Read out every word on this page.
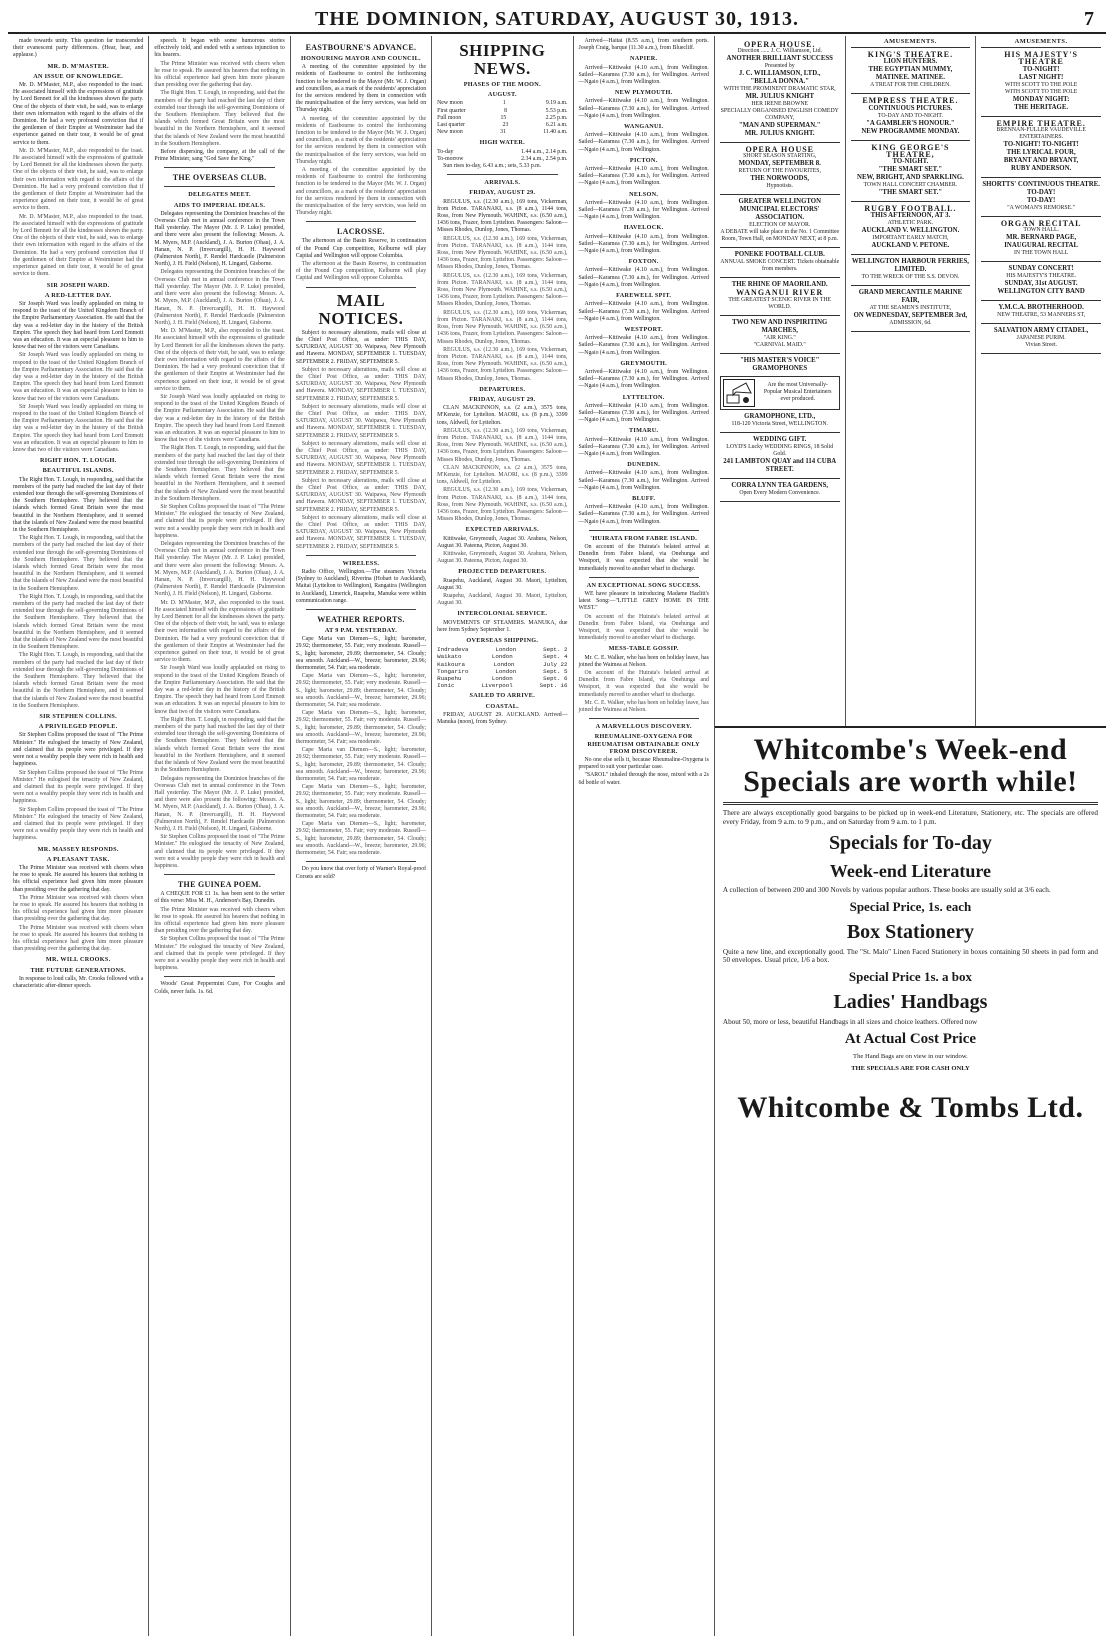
THE DOMINION, SATURDAY, AUGUST 30, 1913.	7

made towards unity. This question far transcended their evanescent party differences. (Hear, hear, and applause.)

MR. D. M'MASTER.
AN ISSUE OF KNOWLEDGE.

Mr. D. M'Master, M.P., also responded to the toast. He associated himself with the expressions of gratitude by Lord Bennett for all the kindnesses shown the party. One of the objects of their visit, he said, was to enlarge their own information with regard to the affairs of the Dominion. He had a very profound conviction that if the gentlemen of their Empire at Westminster had the experience gained on their tour, it would be of great service to them.

Mr. D. M'Master, M.P., also responded to the toast. He associated himself with the expressions of gratitude by Lord Bennett for all the kindnesses shown the party. One of the objects of their visit, he said, was to enlarge their own information with regard to the affairs of the Dominion. He had a very profound conviction that if the gentlemen of their Empire at Westminster had the experience gained on their tour, it would be of great service to them.

Mr. D. M'Master, M.P., also responded to the toast. He associated himself with the expressions of gratitude by Lord Bennett for all the kindnesses shown the party. One of the objects of their visit, he said, was to enlarge their own information with regard to the affairs of the Dominion. He had a very profound conviction that if the gentlemen of their Empire at Westminster had the experience gained on their tour, it would be of great service to them.

SIR JOSEPH WARD.
A RED-LETTER DAY.

Sir Joseph Ward was loudly applauded on rising to respond to the toast of the United Kingdom Branch of the Empire Parliamentary Association. He said that the day was a red-letter day in the history of the British Empire. The speech they had heard from Lord Emmott was an education. It was an especial pleasure to him to know that two of the visitors were Canadians.

Sir Joseph Ward was loudly applauded on rising to respond to the toast of the United Kingdom Branch of the Empire Parliamentary Association. He said that the day was a red-letter day in the history of the British Empire. The speech they had heard from Lord Emmott was an education. It was an especial pleasure to him to know that two of the visitors were Canadians.

Sir Joseph Ward was loudly applauded on rising to respond to the toast of the United Kingdom Branch of the Empire Parliamentary Association. He said that the day was a red-letter day in the history of the British Empire. The speech they had heard from Lord Emmott was an education. It was an especial pleasure to him to know that two of the visitors were Canadians.

RIGHT HON. T. LOUGH.
BEAUTIFUL ISLANDS.

The Right Hon. T. Lough, in responding, said that the members of the party had reached the last day of their extended tour through the self-governing Dominions of the Southern Hemisphere. They believed that the islands which formed Great Britain were the most beautiful in the Northern Hemisphere, and it seemed that the islands of New Zealand were the most beautiful in the Southern Hemisphere.

The Right Hon. T. Lough, in responding, said that the members of the party had reached the last day of their extended tour through the self-governing Dominions of the Southern Hemisphere. They believed that the islands which formed Great Britain were the most beautiful in the Northern Hemisphere, and it seemed that the islands of New Zealand were the most beautiful in the Southern Hemisphere.

The Right Hon. T. Lough, in responding, said that the members of the party had reached the last day of their extended tour through the self-governing Dominions of the Southern Hemisphere. They believed that the islands which formed Great Britain were the most beautiful in the Northern Hemisphere, and it seemed that the islands of New Zealand were the most beautiful in the Southern Hemisphere.

The Right Hon. T. Lough, in responding, said that the members of the party had reached the last day of their extended tour through the self-governing Dominions of the Southern Hemisphere. They believed that the islands which formed Great Britain were the most beautiful in the Northern Hemisphere, and it seemed that the islands of New Zealand were the most beautiful in the Southern Hemisphere.

SIR STEPHEN COLLINS.
A PRIVILEGED PEOPLE.

Sir Stephen Collins proposed the toast of "The Prime Minister." He eulogised the tenacity of New Zealand, and claimed that its people were privileged. If they were not a wealthy people they were rich in health and happiness.

Sir Stephen Collins proposed the toast of "The Prime Minister." He eulogised the tenacity of New Zealand, and claimed that its people were privileged. If they were not a wealthy people they were rich in health and happiness.

Sir Stephen Collins proposed the toast of "The Prime Minister." He eulogised the tenacity of New Zealand, and claimed that its people were privileged. If they were not a wealthy people they were rich in health and happiness.

MR. MASSEY RESPONDS.
A PLEASANT TASK.

The Prime Minister was received with cheers when he rose to speak. He assured his hearers that nothing in his official experience had given him more pleasure than presiding over the gathering that day.

The Prime Minister was received with cheers when he rose to speak. He assured his hearers that nothing in his official experience had given him more pleasure than presiding over the gathering that day.

The Prime Minister was received with cheers when he rose to speak. He assured his hearers that nothing in his official experience had given him more pleasure than presiding over the gathering that day.

MR. WILL CROOKS.
THE FUTURE GENERATIONS.

In response to loud calls, Mr. Crooks followed with a characteristic after-dinner speech.

speech. It began with some humorous stories effectively told, and ended with a serious injunction to his hearers.

The Prime Minister was received with cheers when he rose to speak. He assured his hearers that nothing in his official experience had given him more pleasure than presiding over the gathering that day.

The Right Hon. T. Lough, in responding, said that the members of the party had reached the last day of their extended tour through the self-governing Dominions of the Southern Hemisphere. They believed that the islands which formed Great Britain were the most beautiful in the Northern Hemisphere, and it seemed that the islands of New Zealand were the most beautiful in the Southern Hemisphere.

Before dispersing, the company, at the call of the Prime Minister, sang "God Save the King."

THE OVERSEAS CLUB.
DELEGATES MEET.
AIDS TO IMPERIAL IDEALS.

Delegates representing the Dominion branches of the Overseas Club met in annual conference in the Town Hall yesterday. The Mayor (Mr. J. P. Luke) presided, and there were also present the following: Messrs. A. M. Myers, M.P. (Auckland), J. A. Burton (Ohau), J. A. Hanan, N. P. (Invercargill), H. H. Haywood (Palmerston North), F. Rendel Hardcastle (Palmerston North), J. H. Field (Nelson), H. Lingard, Gisborne.

Delegates representing the Dominion branches of the Overseas Club met in annual conference in the Town Hall yesterday. The Mayor (Mr. J. P. Luke) presided, and there were also present the following: Messrs. A. M. Myers, M.P. (Auckland), J. A. Burton (Ohau), J. A. Hanan, N. P. (Invercargill), H. H. Haywood (Palmerston North), F. Rendel Hardcastle (Palmerston North), J. H. Field (Nelson), H. Lingard, Gisborne.

Mr. D. M'Master, M.P., also responded to the toast. He associated himself with the expressions of gratitude by Lord Bennett for all the kindnesses shown the party. One of the objects of their visit, he said, was to enlarge their own information with regard to the affairs of the Dominion. He had a very profound conviction that if the gentlemen of their Empire at Westminster had the experience gained on their tour, it would be of great service to them.

Sir Joseph Ward was loudly applauded on rising to respond to the toast of the United Kingdom Branch of the Empire Parliamentary Association. He said that the day was a red-letter day in the history of the British Empire. The speech they had heard from Lord Emmott was an education. It was an especial pleasure to him to know that two of the visitors were Canadians.

The Right Hon. T. Lough, in responding, said that the members of the party had reached the last day of their extended tour through the self-governing Dominions of the Southern Hemisphere. They believed that the islands which formed Great Britain were the most beautiful in the Northern Hemisphere, and it seemed that the islands of New Zealand were the most beautiful in the Southern Hemisphere.

Sir Stephen Collins proposed the toast of "The Prime Minister." He eulogised the tenacity of New Zealand, and claimed that its people were privileged. If they were not a wealthy people they were rich in health and happiness.

Delegates representing the Dominion branches of the Overseas Club met in annual conference in the Town Hall yesterday. The Mayor (Mr. J. P. Luke) presided, and there were also present the following: Messrs. A. M. Myers, M.P. (Auckland), J. A. Burton (Ohau), J. A. Hanan, N. P. (Invercargill), H. H. Haywood (Palmerston North), F. Rendel Hardcastle (Palmerston North), J. H. Field (Nelson), H. Lingard, Gisborne.

Mr. D. M'Master, M.P., also responded to the toast. He associated himself with the expressions of gratitude by Lord Bennett for all the kindnesses shown the party. One of the objects of their visit, he said, was to enlarge their own information with regard to the affairs of the Dominion. He had a very profound conviction that if the gentlemen of their Empire at Westminster had the experience gained on their tour, it would be of great service to them.

Sir Joseph Ward was loudly applauded on rising to respond to the toast of the United Kingdom Branch of the Empire Parliamentary Association. He said that the day was a red-letter day in the history of the British Empire. The speech they had heard from Lord Emmott was an education. It was an especial pleasure to him to know that two of the visitors were Canadians.

The Right Hon. T. Lough, in responding, said that the members of the party had reached the last day of their extended tour through the self-governing Dominions of the Southern Hemisphere. They believed that the islands which formed Great Britain were the most beautiful in the Northern Hemisphere, and it seemed that the islands of New Zealand were the most beautiful in the Southern Hemisphere.

Delegates representing the Dominion branches of the Overseas Club met in annual conference in the Town Hall yesterday. The Mayor (Mr. J. P. Luke) presided, and there were also present the following: Messrs. A. M. Myers, M.P. (Auckland), J. A. Burton (Ohau), J. A. Hanan, N. P. (Invercargill), H. H. Haywood (Palmerston North), F. Rendel Hardcastle (Palmerston North), J. H. Field (Nelson), H. Lingard, Gisborne.

Sir Stephen Collins proposed the toast of "The Prime Minister." He eulogised the tenacity of New Zealand, and claimed that its people were privileged. If they were not a wealthy people they were rich in health and happiness.

THE GUINEA POEM.

A CHEQUE FOR £1 1s. has been sent to the writer of this verse: Miss M. H., Anderson's Bay, Dunedin.

The Prime Minister was received with cheers when he rose to speak. He assured his hearers that nothing in his official experience had given him more pleasure than presiding over the gathering that day.

Sir Stephen Collins proposed the toast of "The Prime Minister." He eulogised the tenacity of New Zealand, and claimed that its people were privileged. If they were not a wealthy people they were rich in health and happiness.

Woods' Great Peppermint Cure, For Coughs and Colds, never fails. 1s. 6d.

EASTBOURNE'S ADVANCE.
HONOURING MAYOR AND COUNCIL.

A meeting of the committee appointed by the residents of Eastbourne to control the forthcoming function to be tendered to the Mayor (Mr. W. J. Organ) and councillors, as a mark of the residents' appreciation for the services rendered by them in connection with the municipalisation of the ferry services, was held on Thursday night.

A meeting of the committee appointed by the residents of Eastbourne to control the forthcoming function to be tendered to the Mayor (Mr. W. J. Organ) and councillors, as a mark of the residents' appreciation for the services rendered by them in connection with the municipalisation of the ferry services, was held on Thursday night.

A meeting of the committee appointed by the residents of Eastbourne to control the forthcoming function to be tendered to the Mayor (Mr. W. J. Organ) and councillors, as a mark of the residents' appreciation for the services rendered by them in connection with the municipalisation of the ferry services, was held on Thursday night.

LACROSSE.

The afternoon at the Basin Reserve, in continuation of the Pound Cup competition, Kelburne will play Capital and Wellington will oppose Columbia.

The afternoon at the Basin Reserve, in continuation of the Pound Cup competition, Kelburne will play Capital and Wellington will oppose Columbia.

MAIL NOTICES.

Subject to necessary alterations, mails will close at the Chief Post Office, as under: THIS DAY, SATURDAY, AUGUST 30. Waipawa, New Plymouth and Hawera. MONDAY, SEPTEMBER 1. TUESDAY, SEPTEMBER 2. FRIDAY, SEPTEMBER 5.

Subject to necessary alterations, mails will close at the Chief Post Office, as under: THIS DAY, SATURDAY, AUGUST 30. Waipawa, New Plymouth and Hawera. MONDAY, SEPTEMBER 1. TUESDAY, SEPTEMBER 2. FRIDAY, SEPTEMBER 5.

Subject to necessary alterations, mails will close at the Chief Post Office, as under: THIS DAY, SATURDAY, AUGUST 30. Waipawa, New Plymouth and Hawera. MONDAY, SEPTEMBER 1. TUESDAY, SEPTEMBER 2. FRIDAY, SEPTEMBER 5.

Subject to necessary alterations, mails will close at the Chief Post Office, as under: THIS DAY, SATURDAY, AUGUST 30. Waipawa, New Plymouth and Hawera. MONDAY, SEPTEMBER 1. TUESDAY, SEPTEMBER 2. FRIDAY, SEPTEMBER 5.

Subject to necessary alterations, mails will close at the Chief Post Office, as under: THIS DAY, SATURDAY, AUGUST 30. Waipawa, New Plymouth and Hawera. MONDAY, SEPTEMBER 1. TUESDAY, SEPTEMBER 2. FRIDAY, SEPTEMBER 5.

Subject to necessary alterations, mails will close at the Chief Post Office, as under: THIS DAY, SATURDAY, AUGUST 30. Waipawa, New Plymouth and Hawera. MONDAY, SEPTEMBER 1. TUESDAY, SEPTEMBER 2. FRIDAY, SEPTEMBER 5.

WIRELESS.

Radio Office, Wellington.—The steamers Victoria (Sydney to Auckland), Riverina (Hobart to Auckland), Maitai (Lyttelton to Wellington), Rangatira (Wellington to Auckland), Limerick, Ruapehu, Manuka were within communication range.

WEATHER REPORTS.
AT 9 P.M. YESTERDAY.

Cape Maria van Diemen—S., light; barometer, 29.92; thermometer, 55. Fair; very moderate. Russell—S., light; barometer, 29.89; thermometer, 54. Cloudy; sea smooth. Auckland—W., breeze; barometer, 29.96; thermometer, 54. Fair; sea moderate.

Cape Maria van Diemen—S., light; barometer, 29.92; thermometer, 55. Fair; very moderate. Russell—S., light; barometer, 29.89; thermometer, 54. Cloudy; sea smooth. Auckland—W., breeze; barometer, 29.96; thermometer, 54. Fair; sea moderate.

Cape Maria van Diemen—S., light; barometer, 29.92; thermometer, 55. Fair; very moderate. Russell—S., light; barometer, 29.89; thermometer, 54. Cloudy; sea smooth. Auckland—W., breeze; barometer, 29.96; thermometer, 54. Fair; sea moderate.

Cape Maria van Diemen—S., light; barometer, 29.92; thermometer, 55. Fair; very moderate. Russell—S., light; barometer, 29.89; thermometer, 54. Cloudy; sea smooth. Auckland—W., breeze; barometer, 29.96; thermometer, 54. Fair; sea moderate.

Cape Maria van Diemen—S., light; barometer, 29.92; thermometer, 55. Fair; very moderate. Russell—S., light; barometer, 29.89; thermometer, 54. Cloudy; sea smooth. Auckland—W., breeze; barometer, 29.96; thermometer, 54. Fair; sea moderate.

Cape Maria van Diemen—S., light; barometer, 29.92; thermometer, 55. Fair; very moderate. Russell—S., light; barometer, 29.89; thermometer, 54. Cloudy; sea smooth. Auckland—W., breeze; barometer, 29.96; thermometer, 54. Fair; sea moderate.

Do you know that over forty of Warner's Royal-proof Corsets are sold?

SHIPPING NEWS.
PHASES OF THE MOON.
AUGUST.
New moon	1	9.19 a.m.
First quarter	8	5.53 p.m.
Full moon	15	2.25 p.m.
Last quarter	23	6.21 a.m.
New moon	31	11.40 a.m.
HIGH WATER.
To-day	1.44 a.m., 2.14 p.m.
To-morrow	2.34 a.m., 2.54 p.m.

Sun rises to-day, 6.43 a.m.; sets, 5.33 p.m.

ARRIVALS.
FRIDAY, AUGUST 29.

REGULUS, s.s. (12.30 a.m.), 169 tons, Vickerman, from Picton. TARANAKI, s.s. (8 a.m.), 1144 tons, Ross, from New Plymouth. WAHINE, s.s. (6.50 a.m.), 1436 tons, Frazer, from Lyttelton. Passengers: Saloon—Misses Rhodes, Dunlop, Jones, Thomas.

REGULUS, s.s. (12.30 a.m.), 169 tons, Vickerman, from Picton. TARANAKI, s.s. (8 a.m.), 1144 tons, Ross, from New Plymouth. WAHINE, s.s. (6.50 a.m.), 1436 tons, Frazer, from Lyttelton. Passengers: Saloon—Misses Rhodes, Dunlop, Jones, Thomas.

REGULUS, s.s. (12.30 a.m.), 169 tons, Vickerman, from Picton. TARANAKI, s.s. (8 a.m.), 1144 tons, Ross, from New Plymouth. WAHINE, s.s. (6.50 a.m.), 1436 tons, Frazer, from Lyttelton. Passengers: Saloon—Misses Rhodes, Dunlop, Jones, Thomas.

REGULUS, s.s. (12.30 a.m.), 169 tons, Vickerman, from Picton. TARANAKI, s.s. (8 a.m.), 1144 tons, Ross, from New Plymouth. WAHINE, s.s. (6.50 a.m.), 1436 tons, Frazer, from Lyttelton. Passengers: Saloon—Misses Rhodes, Dunlop, Jones, Thomas.

REGULUS, s.s. (12.30 a.m.), 169 tons, Vickerman, from Picton. TARANAKI, s.s. (8 a.m.), 1144 tons, Ross, from New Plymouth. WAHINE, s.s. (6.50 a.m.), 1436 tons, Frazer, from Lyttelton. Passengers: Saloon—Misses Rhodes, Dunlop, Jones, Thomas.

DEPARTURES.
FRIDAY, AUGUST 29.

CLAN MACKINNON, s.s. (2 a.m.), 3575 tons, M'Kenzie, for Lyttelton. MAORI, s.s. (8 p.m.), 3399 tons, Aldwell, for Lyttelton.

REGULUS, s.s. (12.30 a.m.), 169 tons, Vickerman, from Picton. TARANAKI, s.s. (8 a.m.), 1144 tons, Ross, from New Plymouth. WAHINE, s.s. (6.50 a.m.), 1436 tons, Frazer, from Lyttelton. Passengers: Saloon—Misses Rhodes, Dunlop, Jones, Thomas.

CLAN MACKINNON, s.s. (2 a.m.), 3575 tons, M'Kenzie, for Lyttelton. MAORI, s.s. (8 p.m.), 3399 tons, Aldwell, for Lyttelton.

REGULUS, s.s. (12.30 a.m.), 169 tons, Vickerman, from Picton. TARANAKI, s.s. (8 a.m.), 1144 tons, Ross, from New Plymouth. WAHINE, s.s. (6.50 a.m.), 1436 tons, Frazer, from Lyttelton. Passengers: Saloon—Misses Rhodes, Dunlop, Jones, Thomas.

EXPECTED ARRIVALS.

Kittiwake, Greymouth, August 30. Arahura, Nelson, August 30. Pateena, Picton, August 30.

Kittiwake, Greymouth, August 30. Arahura, Nelson, August 30. Pateena, Picton, August 30.

PROJECTED DEPARTURES.

Ruapehu, Auckland, August 30. Maori, Lyttelton, August 30.

Ruapehu, Auckland, August 30. Maori, Lyttelton, August 30.

INTERCOLONIAL SERVICE.

MOVEMENTS OF STEAMERS. MANUKA, due here from Sydney September 1.

OVERSEAS SHIPPING.
Indradeva	London	Sept. 2
Waikato	London	Sept. 4
Kaikoura	London	July 22
Tongariro	London	Sept. 5
Ruapehu	London	Sept. 6
Ionic	Liverpool	Sept. 16
SAILED TO ARRIVE.
COASTAL.

FRIDAY, AUGUST 29. AUCKLAND. Arrived—Manuka (noon), from Sydney.

Arrived—Haitai (8.55 a.m.), from southern ports. Joseph Craig, barque (11.30 a.m.), from Bluecliff.

NAPIER.

Arrived—Kittiwake (4.10 a.m.), from Wellington. Sailed—Karamea (7.30 a.m.), for Wellington. Arrived—Ngaio (4 a.m.), from Wellington.

NEW PLYMOUTH.

Arrived—Kittiwake (4.10 a.m.), from Wellington. Sailed—Karamea (7.30 a.m.), for Wellington. Arrived—Ngaio (4 a.m.), from Wellington.

WANGANUI.

Arrived—Kittiwake (4.10 a.m.), from Wellington. Sailed—Karamea (7.30 a.m.), for Wellington. Arrived—Ngaio (4 a.m.), from Wellington.

PICTON.

Arrived—Kittiwake (4.10 a.m.), from Wellington. Sailed—Karamea (7.30 a.m.), for Wellington. Arrived—Ngaio (4 a.m.), from Wellington.

NELSON.

Arrived—Kittiwake (4.10 a.m.), from Wellington. Sailed—Karamea (7.30 a.m.), for Wellington. Arrived—Ngaio (4 a.m.), from Wellington.

HAVELOCK.

Arrived—Kittiwake (4.10 a.m.), from Wellington. Sailed—Karamea (7.30 a.m.), for Wellington. Arrived—Ngaio (4 a.m.), from Wellington.

FOXTON.

Arrived—Kittiwake (4.10 a.m.), from Wellington. Sailed—Karamea (7.30 a.m.), for Wellington. Arrived—Ngaio (4 a.m.), from Wellington.

FAREWELL SPIT.

Arrived—Kittiwake (4.10 a.m.), from Wellington. Sailed—Karamea (7.30 a.m.), for Wellington. Arrived—Ngaio (4 a.m.), from Wellington.

WESTPORT.

Arrived—Kittiwake (4.10 a.m.), from Wellington. Sailed—Karamea (7.30 a.m.), for Wellington. Arrived—Ngaio (4 a.m.), from Wellington.

GREYMOUTH.

Arrived—Kittiwake (4.10 a.m.), from Wellington. Sailed—Karamea (7.30 a.m.), for Wellington. Arrived—Ngaio (4 a.m.), from Wellington.

LYTTELTON.

Arrived—Kittiwake (4.10 a.m.), from Wellington. Sailed—Karamea (7.30 a.m.), for Wellington. Arrived—Ngaio (4 a.m.), from Wellington.

TIMARU.

Arrived—Kittiwake (4.10 a.m.), from Wellington. Sailed—Karamea (7.30 a.m.), for Wellington. Arrived—Ngaio (4 a.m.), from Wellington.

DUNEDIN.

Arrived—Kittiwake (4.10 a.m.), from Wellington. Sailed—Karamea (7.30 a.m.), for Wellington. Arrived—Ngaio (4 a.m.), from Wellington.

BLUFF.

Arrived—Kittiwake (4.10 a.m.), from Wellington. Sailed—Karamea (7.30 a.m.), for Wellington. Arrived—Ngaio (4 a.m.), from Wellington.

'HUIRATA FROM FABRE ISLAND.

On account of the Huirata's belated arrival at Dunedin from Fabre Island, via Onehunga and Westport, it was expected that she would be immediately moved to another wharf to discharge.

AN EXCEPTIONAL SONG SUCCESS.

WE have pleasure in introducing Madame Hazlitt's latest Song:—"LITTLE GREY HOME IN THE WEST."

On account of the Huirata's belated arrival at Dunedin from Fabre Island, via Onehunga and Westport, it was expected that she would be immediately moved to another wharf to discharge.

MESS-TABLE GOSSIP.

Mr. C. E. Walker, who has been on holiday leave, has joined the Waimea at Nelson.

On account of the Huirata's belated arrival at Dunedin from Fabre Island, via Onehunga and Westport, it was expected that she would be immediately moved to another wharf to discharge.

Mr. C. E. Walker, who has been on holiday leave, has joined the Waimea at Nelson.

A MARVELLOUS DISCOVERY.
RHEUMALINE-OXYGENA FOR RHEUMATISM OBTAINABLE ONLY FROM DISCOVERER.

No one else sells it, because Rheumaline-Oxygena is prepared to suit your particular case.

"SAROL" inhaled through the nose, mixed with a 2s 6d bottle of water.

OPERA HOUSE.
Direction ...... J. C. Williamson, Ltd.
ANOTHER BRILLIANT SUCCESS
Presented by
J. C. WILLIAMSON, LTD.,
"BELLA DONNA."
WITH THE PROMINENT DRAMATIC STAR,
MR. JULIUS KNIGHT
HER IRENE BROWNE
SPECIALLY ORGANISED ENGLISH COMEDY COMPANY,
"MAN AND SUPERMAN."
MR. JULIUS KNIGHT.
OPERA HOUSE
SHORT SEASON STARTING,
MONDAY, SEPTEMBER 8.
RETURN OF THE FAVOURITES,
THE NORWOODS,
Hypnotists.
GREATER WELLINGTON MUNICIPAL ELECTORS' ASSOCIATION.
ELECTION OF MAYOR.
A DEBATE will take place in the No. 1 Committee Room, Town Hall, on MONDAY NEXT, at 8 p.m.
PONEKE FOOTBALL CLUB.
ANNUAL SMOKE CONCERT. Tickets obtainable from members.
THE RHINE OF MAORILAND.
WANGANUI RIVER
THE GREATEST SCENIC RIVER IN THE WORLD.
TWO NEW AND INSPIRITING MARCHES,
"AIR KING."
"CARNIVAL MAID."
"HIS MASTER'S VOICE"
GRAMOPHONES
Are the most Universally-Popular Musical Entertainers ever produced.
GRAMOPHONE, LTD.,
118-120 Victoria Street, WELLINGTON.
WEDDING GIFT.
LOYD'S Lucky WEDDING RINGS, 18 Solid Gold.
241 LAMBTON QUAY and 114 CUBA STREET.
CORRA LYNN TEA GARDENS,
Open Every Modern Convenience.
AMUSEMENTS.
KING'S THEATRE.
LION HUNTERS.
THE EGYPTIAN MUMMY,
MATINEE. MATINEE.
A TREAT FOR THE CHILDREN.
EMPRESS THEATRE.
CONTINUOUS PICTURES.
TO-DAY AND TO-NIGHT.
"A GAMBLER'S HONOUR."
NEW PROGRAMME MONDAY.
KING GEORGE'S THEATRE,
TO-NIGHT.
"THE SMART SET."
NEW, BRIGHT, AND SPARKLING.
TOWN HALL CONCERT CHAMBER.
"THE SMART SET."
RUGBY FOOTBALL.
THIS AFTERNOON, AT 3.
ATHLETIC PARK.
AUCKLAND V. WELLINGTON.
IMPORTANT EARLY MATCH,
AUCKLAND V. PETONE.
WELLINGTON HARBOUR FERRIES, LIMITED.
TO THE WRECK OF THE S.S. DEVON.
GRAND MERCANTILE MARINE FAIR,
AT THE SEAMEN'S INSTITUTE,
ON WEDNESDAY, SEPTEMBER 3rd,
ADMISSION, 6d.
AMUSEMENTS.
HIS MAJESTY'S THEATRE
TO-NIGHT!
LAST NIGHT!
WITH SCOTT TO THE POLE
WITH SCOTT TO THE POLE
MONDAY NIGHT:
THE HERITAGE.
EMPIRE THEATRE.
BRENNAN-FULLER VAUDEVILLE ENTERTAINERS.
TO-NIGHT! TO-NIGHT!
THE LYRICAL FOUR,
BRYANT AND BRYANT,
RUBY ANDERSON.
SHORTTS' CONTINUOUS THEATRE.
TO-DAY!
TO-DAY!
"A WOMAN'S REMORSE."
ORGAN RECITAL
TOWN HALL.
MR. BERNARD PAGE,
INAUGURAL RECITAL
IN THE TOWN HALL
SUNDAY CONCERT!
HIS MAJESTY'S THEATRE.
SUNDAY, 31st AUGUST.
WELLINGTON CITY BAND
Y.M.C.A. BROTHERHOOD.
NEW THEATRE, 53 MANNERS ST,
SALVATION ARMY CITADEL,
JAPANESE PURIM.
Vivian Street.
Whitcombe's Week-end
Specials are worth while!
There are always exceptionally good bargains to be picked up in week-end Literature, Stationery, etc. The specials are offered every Friday, from 9 a.m. to 9 p.m., and on Saturday from 9 a.m. to 1 p.m.
Specials for To-day
Week-end Literature
A collection of between 200 and 300 Novels by various popular authors. These books are usually sold at 3/6 each.
Special Price, 1s. each
Box Stationery
Quite a new line, and exceptionally good. The "St. Malo" Linen Faced Stationery in boxes containing 50 sheets in pad form and 50 envelopes. Usual price, 1/6 a box.
Special Price 1s. a box
Ladies' Handbags
About 50, more or less, beautiful Handbags in all sizes and choice leathers. Offered now
At Actual Cost Price
The Hand Bags are on view in our window.
THE SPECIALS ARE FOR CASH ONLY
Whitcombe & Tombs Ltd.
